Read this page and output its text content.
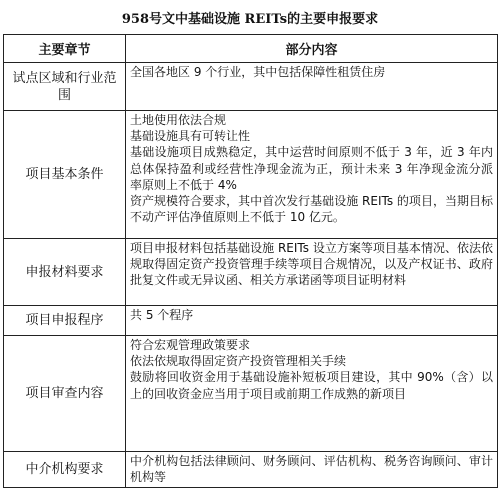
958号文中基础设施 REITs的主要申报要求
主要章节	部分内容
试点区域和行业范围	全国各地区 9 个行业，其中包括保障性租赁住房

项目基本条件	土地使用依法合规
基础设施具有可转让性
基础设施项目成熟稳定，其中运营时间原则不低于 3 年，近 3 年内总体保持盈利或经营性净现金流为正，预计未来 3 年净现金流分派率原则上不低于 4%
资产规模符合要求，其中首次发行基础设施 REITs 的项目，当期目标不动产评估净值原则上不低于 10 亿元。

申报材料要求	项目申报材料包括基础设施 REITs 设立方案等项目基本情况、依法依规取得固定资产投资管理手续等项目合规情况，以及产权证书、政府批复文件或无异议函、相关方承诺函等项目证明材料

项目申报程序	共 5 个程序

项目审查内容	符合宏观管理政策要求
依法依规取得固定资产投资管理相关手续
鼓励将回收资金用于基础设施补短板项目建设，其中 90%（含）以上的回收资金应当用于项目或前期工作成熟的新项目

中介机构要求	中介机构包括法律顾问、财务顾问、评估机构、税务咨询顾问、审计机构等
